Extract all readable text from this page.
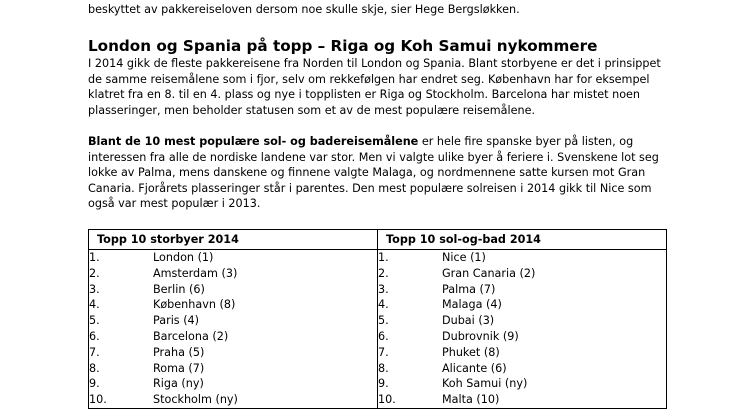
beskyttet av pakkereiseloven dersom noe skulle skje, sier Hege Bergsløkken.
London og Spania på topp – Riga og Koh Samui nykommere

I 2014 gikk de fleste pakkereisene fra Norden til London og Spania. Blant storbyene er det i prinsippet
de samme reisemålene som i fjor, selv om rekkefølgen har endret seg. København har for eksempel
klatret fra en 8. til en 4. plass og nye i topplisten er Riga og Stockholm. Barcelona har mistet noen
plasseringer, men beholder statusen som et av de mest populære reisemålene.

Blant de 10 mest populære sol- og badereisemålene er hele fire spanske byer på listen, og
interessen fra alle de nordiske landene var stor. Men vi valgte ulike byer å feriere i. Svenskene lot seg
lokke av Palma, mens danskene og finnene valgte Malaga, og nordmennene satte kursen mot Gran
Canaria. Fjorårets plasseringer står i parentes. Den mest populære solreisen i 2014 gikk til Nice som
også var mest populær i 2013.

Topp 10 storbyer 2014	Topp 10 sol-og-bad 2014
1. London (1)	1. Nice (1)
2. Amsterdam (3)	2. Gran Canaria (2)
3. Berlin (6)	3. Palma (7)
4. København (8)	4. Malaga (4)
5. Paris (4)	5. Dubai (3)
6. Barcelona (2)	6. Dubrovnik (9)
7. Praha (5)	7. Phuket (8)
8. Roma (7)	8. Alicante (6)
9. Riga (ny)	9. Koh Samui (ny)
10. Stockholm (ny)	10. Malta (10)
